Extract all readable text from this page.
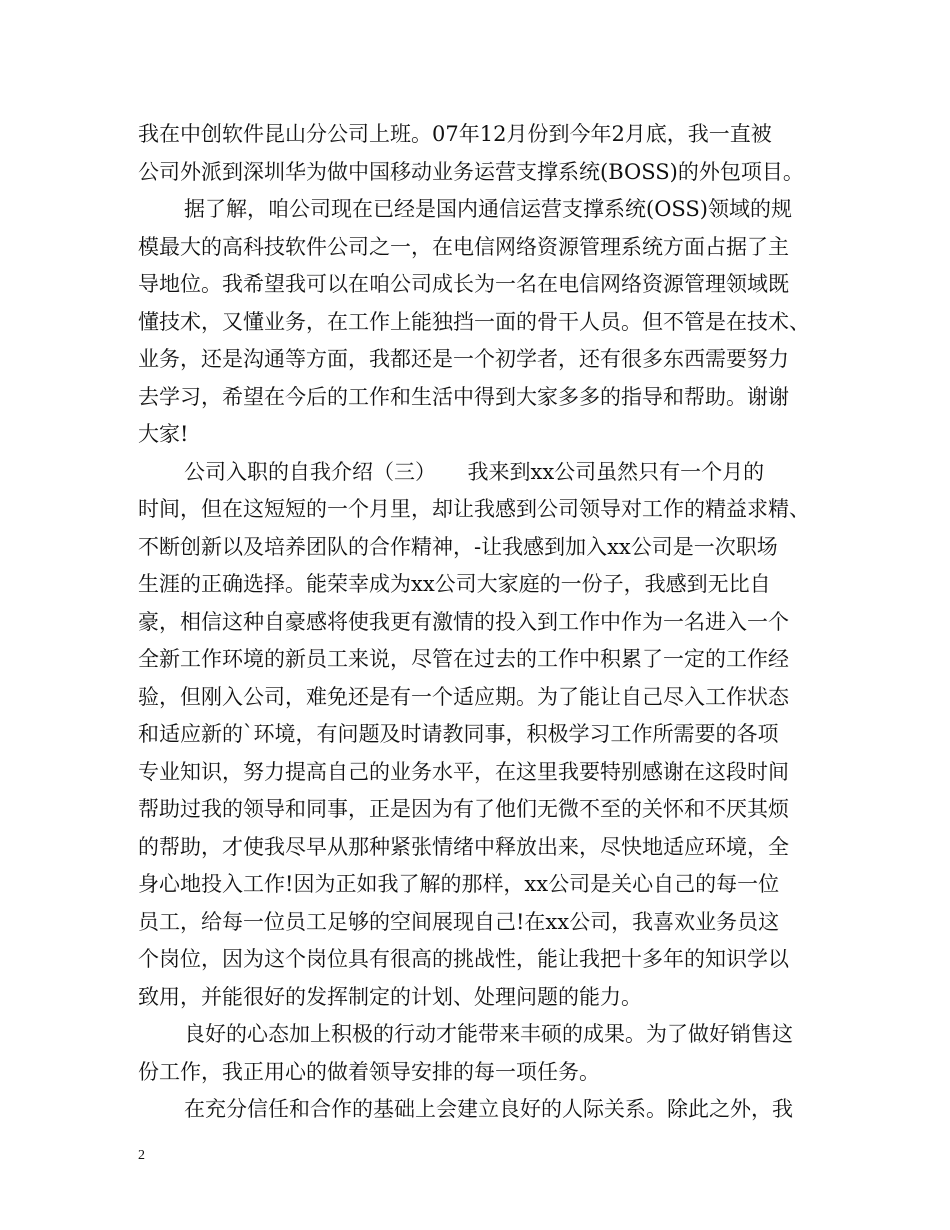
我在中创软件昆山分公司上班。07年12月份到今年2月底，我一直被
公司外派到深圳华为做中国移动业务运营支撑系统(BOSS)的外包项目。
据了解，咱公司现在已经是国内通信运营支撑系统(OSS)领域的规
模最大的高科技软件公司之一，在电信网络资源管理系统方面占据了主
导地位。我希望我可以在咱公司成长为一名在电信网络资源管理领域既
懂技术，又懂业务，在工作上能独挡一面的骨干人员。但不管是在技术、
业务，还是沟通等方面，我都还是一个初学者，还有很多东西需要努力
去学习，希望在今后的工作和生活中得到大家多多的指导和帮助。谢谢
大家!
公司入职的自我介绍（三）　　我来到xx公司虽然只有一个月的
时间，但在这短短的一个月里，却让我感到公司领导对工作的精益求精、
不断创新以及培养团队的合作精神，-让我感到加入xx公司是一次职场
生涯的正确选择。能荣幸成为xx公司大家庭的一份子，我感到无比自
豪，相信这种自豪感将使我更有激情的投入到工作中作为一名进入一个
全新工作环境的新员工来说，尽管在过去的工作中积累了一定的工作经
验，但刚入公司，难免还是有一个适应期。为了能让自己尽入工作状态
和适应新的`环境，有问题及时请教同事，积极学习工作所需要的各项
专业知识，努力提高自己的业务水平，在这里我要特别感谢在这段时间
帮助过我的领导和同事，正是因为有了他们无微不至的关怀和不厌其烦
的帮助，才使我尽早从那种紧张情绪中释放出来，尽快地适应环境，全
身心地投入工作!因为正如我了解的那样，xx公司是关心自己的每一位
员工，给每一位员工足够的空间展现自己!在xx公司，我喜欢业务员这
个岗位，因为这个岗位具有很高的挑战性，能让我把十多年的知识学以
致用，并能很好的发挥制定的计划、处理问题的能力。
良好的心态加上积极的行动才能带来丰硕的成果。为了做好销售这
份工作，我正用心的做着领导安排的每一项任务。
在充分信任和合作的基础上会建立良好的人际关系。除此之外，我
2
